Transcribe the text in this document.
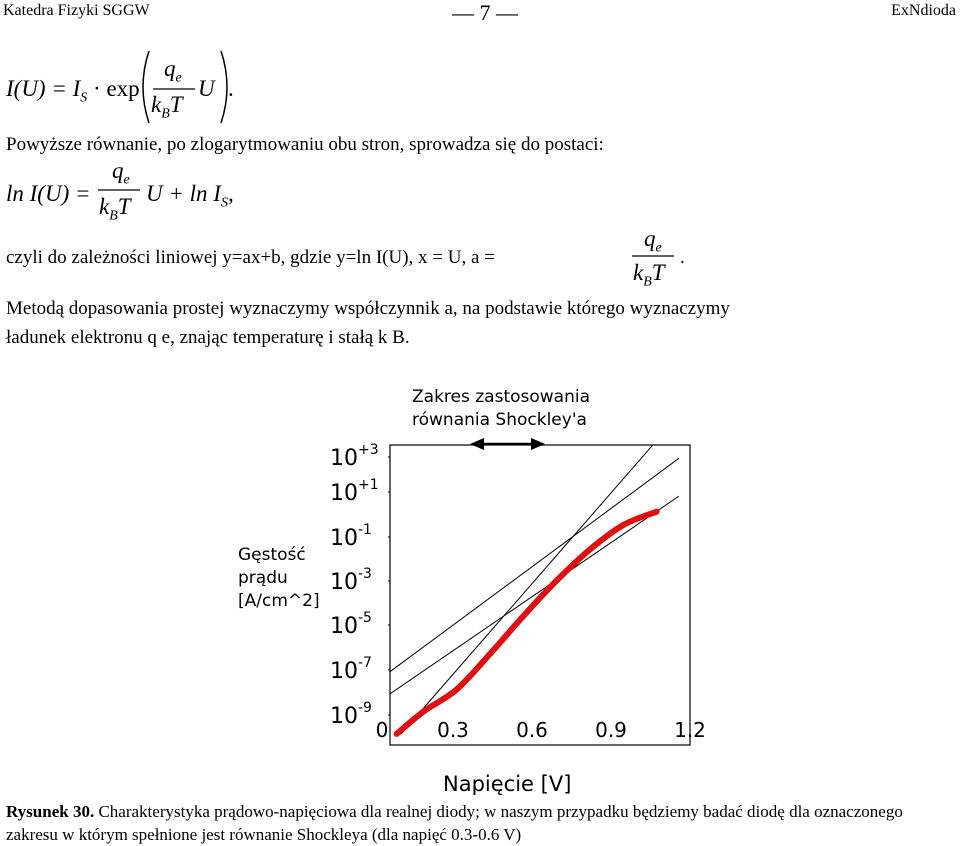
Katedra Fizyki SGGW	— 7 —	ExNdioda
$I(U) = I_S \cdot \exp$
$q_e$
$k_BT$
U .
Powyższe równanie, po zlogarytmowaniu obu stron, sprowadza się do postaci:
ln I(U) =
$q_e$
$k_BT$
$U + \ln I_S$,
czyli do zależności liniowej y=ax+b, gdzie y=ln I(U), x = U, a =
$q_e$
$k_BT$
.
Metodą dopasowania prostej wyznaczymy współczynnik a, na podstawie którego wyznaczymy
ładunek elektronu q e, znając temperaturę i stałą k B.
$10^{+3}$
$10^{+1}$
$10^{-1}$
$10^{-3}$
$10^{-5}$
$10^{-7}$
$10^{-9}$
0 0.3 0.6 0.9 1.2
Zakres zastosowania
równania Shockley'a
Gęstość
prądu
[A/cm^2]
Napięcie [V]
Rysunek 30. Charakterystyka prądowo-napięciowa dla realnej diody; w naszym przypadku będziemy badać diodę dla oznaczonego zakresu w którym spełnione jest równanie Shockleya (dla napięć 0.3-0.6 V)
